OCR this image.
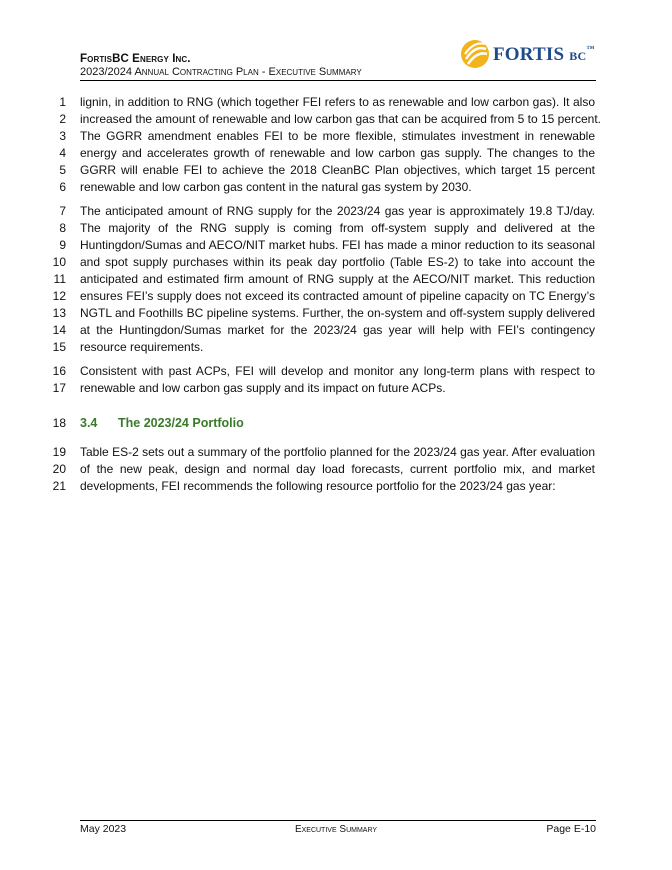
FortisBC Energy Inc.
2023/2024 Annual Contracting Plan - Executive Summary
FORTIS BC™
1 lignin, in addition to RNG (which together FEI refers to as renewable and low carbon gas). It also
2 increased the amount of renewable and low carbon gas that can be acquired from 5 to 15 percent.
3 The GGRR amendment enables FEI to be more flexible, stimulates investment in renewable
4 energy and accelerates growth of renewable and low carbon gas supply. The changes to the
5 GGRR will enable FEI to achieve the 2018 CleanBC Plan objectives, which target 15 percent
6 renewable and low carbon gas content in the natural gas system by 2030.
7 The anticipated amount of RNG supply for the 2023/24 gas year is approximately 19.8 TJ/day.
8 The majority of the RNG supply is coming from off-system supply and delivered at the
9 Huntingdon/Sumas and AECO/NIT market hubs. FEI has made a minor reduction to its seasonal
10 and spot supply purchases within its peak day portfolio (Table ES-2) to take into account the
11 anticipated and estimated firm amount of RNG supply at the AECO/NIT market. This reduction
12 ensures FEI’s supply does not exceed its contracted amount of pipeline capacity on TC Energy’s
13 NGTL and Foothills BC pipeline systems. Further, the on-system and off-system supply delivered
14 at the Huntingdon/Sumas market for the 2023/24 gas year will help with FEI’s contingency
15 resource requirements.
16 Consistent with past ACPs, FEI will develop and monitor any long-term plans with respect to
17 renewable and low carbon gas supply and its impact on future ACPs.
19 Table ES-2 sets out a summary of the portfolio planned for the 2023/24 gas year. After evaluation
20 of the new peak, design and normal day load forecasts, current portfolio mix, and market
21 developments, FEI recommends the following resource portfolio for the 2023/24 gas year:
18 3.4 The 2023/24 Portfolio
May 2023	Executive Summary	Page E-10
